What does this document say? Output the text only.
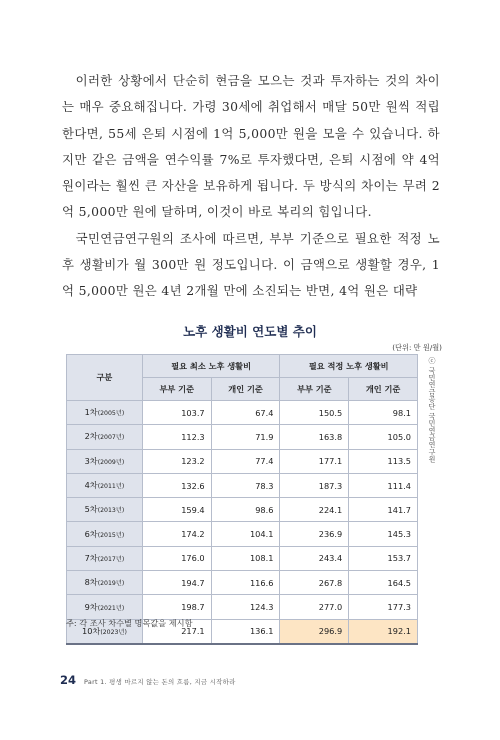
이러한 상황에서 단순히 현금을 모으는 것과 투자하는 것의 차이는 매우 중요해집니다. 가령 30세에 취업해서 매달 50만 원씩 적립한다면, 55세 은퇴 시점에 1억 5,000만 원을 모을 수 있습니다. 하지만 같은 금액을 연수익률 7%로 투자했다면, 은퇴 시점에 약 4억 원이라는 훨씬 큰 자산을 보유하게 됩니다. 두 방식의 차이는 무려 2억 5,000만 원에 달하며, 이것이 바로 복리의 힘입니다.

국민연금연구원의 조사에 따르면, 부부 기준으로 필요한 적정 노후 생활비가 월 300만 원 정도입니다. 이 금액으로 생활할 경우, 1억 5,000만 원은 4년 2개월 만에 소진되는 반면, 4억 원은 대략

노후 생활비 연도별 추이
(단위: 만 원/월)
ⓒ 국민연금공단 국민연금연구원
구분	필요 최소 노후 생활비		필요 적정 노후 생활비	
	부부 기준	개인 기준	부부 기준	개인 기준
1차(2005년)	103.7	67.4	150.5	98.1
2차(2007년)	112.3	71.9	163.8	105.0
3차(2009년)	123.2	77.4	177.1	113.5
4차(2011년)	132.6	78.3	187.3	111.4
5차(2013년)	159.4	98.6	224.1	141.7
6차(2015년)	174.2	104.1	236.9	145.3
7차(2017년)	176.0	108.1	243.4	153.7
8차(2019년)	194.7	116.6	267.8	164.5
9차(2021년)	198.7	124.3	277.0	177.3
10차(2023년)	217.1	136.1	296.9	192.1
주: 각 조사 차수별 명목값을 제시함
24 Part 1. 평생 마르지 않는 돈의 흐름, 지금 시작하라
